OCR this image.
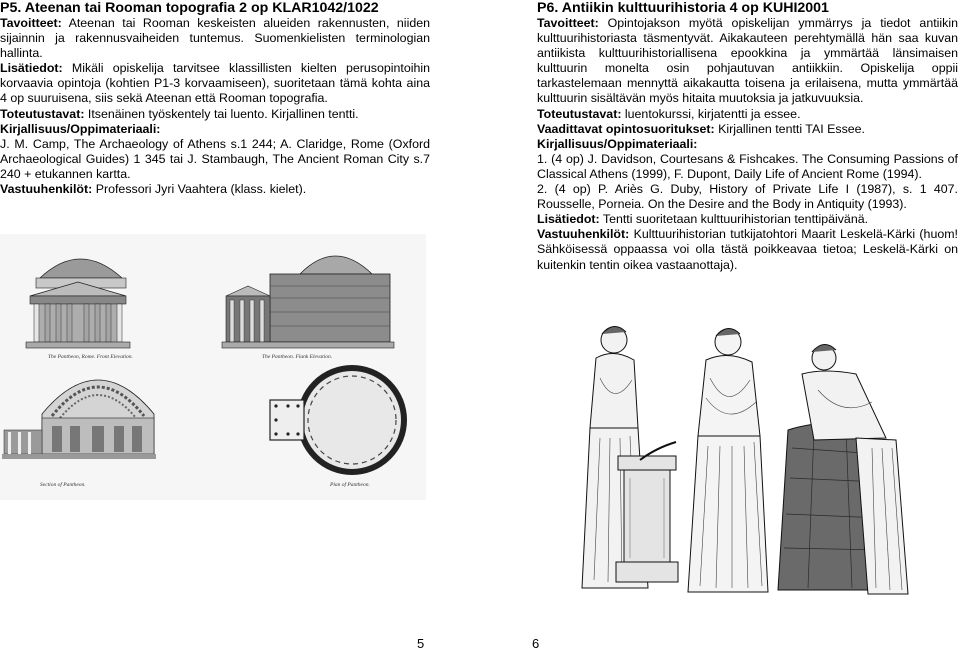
P5. Ateenan tai Rooman topografia 2 op KLAR1042/1022

Tavoitteet: Ateenan tai Rooman keskeisten alueiden rakennusten, niiden sijainnin ja rakennusvaiheiden tuntemus. Suomenkielisten terminologian hallinta.

Lisätiedot: Mikäli opiskelija tarvitsee klassillisten kielten perusopintoihin korvaavia opintoja (kohtien P1-3 korvaamiseen), suoritetaan tämä kohta aina 4 op suuruisena, siis sekä Ateenan että Rooman topografia.

Toteutustavat: Itsenäinen työskentely tai luento. Kirjallinen tentti.

Kirjallisuus/Oppimateriaali:

J. M. Camp, The Archaeology of Athens s.1 244; A. Claridge, Rome (Oxford Archaeological Guides) 1 345 tai J. Stambaugh, The Ancient Roman City s.7 240 + etukannen kartta.

Vastuuhenkilöt: Professori Jyri Vaahtera (klass. kielet).

The Pantheon, Rome. Front Elevation.	The Pantheon. Flank Elevation.
Section of Pantheon.	Plan of Pantheon.
5
P6. Antiikin kulttuurihistoria 4 op KUHI2001

Tavoitteet: Opintojakson myötä opiskelijan ymmärrys ja tiedot antiikin kulttuurihistoriasta täsmentyvät. Aikakauteen perehtymällä hän saa kuvan antiikista kulttuurihistoriallisena epookkina ja ymmärtää länsimaisen kulttuurin monelta osin pohjautuvan antiikkiin. Opiskelija oppii tarkastelemaan mennyttä aikakautta toisena ja erilaisena, mutta ymmärtää kulttuurin sisältävän myös hitaita muutoksia ja jatkuvuuksia.

Toteutustavat: luentokurssi, kirjatentti ja essee.

Vaadittavat opintosuoritukset: Kirjallinen tentti TAI Essee.

Kirjallisuus/Oppimateriaali:

1. (4 op) J. Davidson, Courtesans & Fishcakes. The Consuming Passions of Classical Athens (1999), F. Dupont, Daily Life of Ancient Rome (1994).

2. (4 op) P. Ariès G. Duby, History of Private Life I (1987), s. 1 407. Rousselle, Porneia. On the Desire and the Body in Antiquity (1993).

Lisätiedot: Tentti suoritetaan kulttuurihistorian tenttipäivänä.

Vastuuhenkilöt: Kulttuurihistorian tutkijatohtori Maarit Leskelä-Kärki (huom! Sähköisessä oppaassa voi olla tästä poikkeavaa tietoa; Leskelä-Kärki on kuitenkin tentin oikea vastaanottaja).

6
